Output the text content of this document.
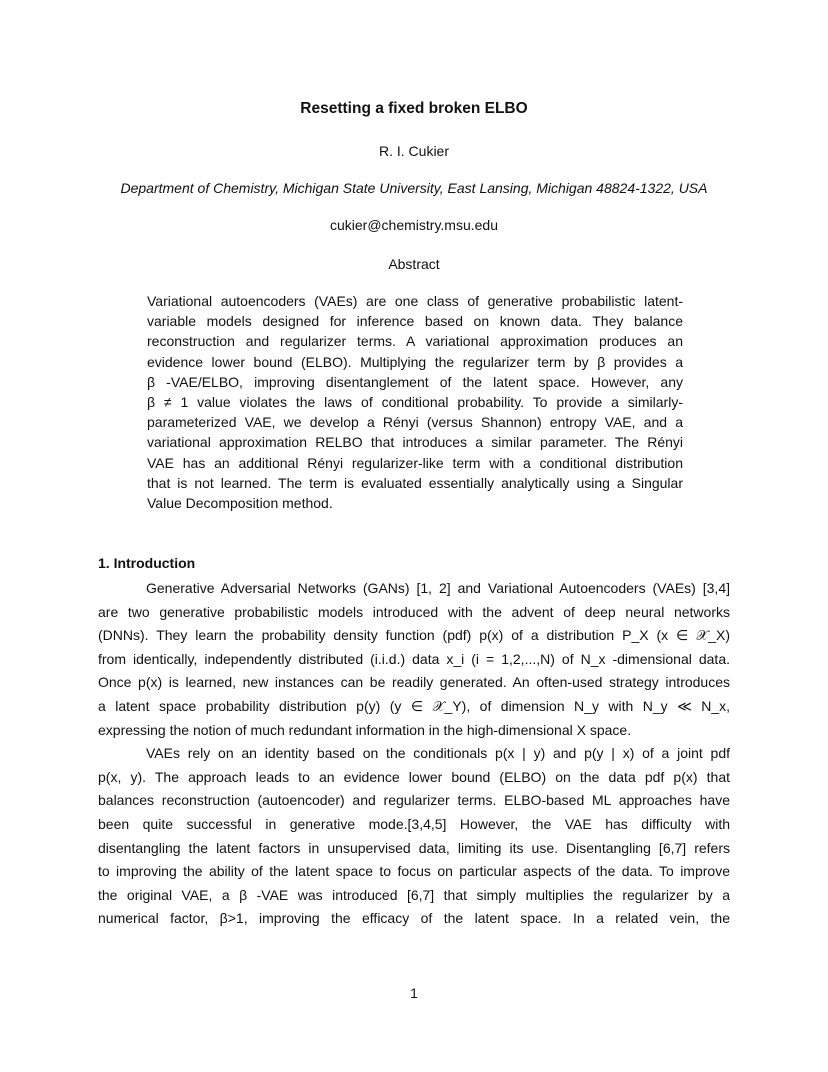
Resetting a fixed broken ELBO
R. I. Cukier
Department of Chemistry, Michigan State University, East Lansing, Michigan 48824-1322, USA
cukier@chemistry.msu.edu
Abstract
Variational autoencoders (VAEs) are one class of generative probabilistic latent-
variable models designed for inference based on known data. They balance
reconstruction and regularizer terms. A variational approximation produces an
evidence lower bound (ELBO). Multiplying the regularizer term by β provides a
β -VAE/ELBO, improving disentanglement of the latent space. However, any
β ≠ 1 value violates the laws of conditional probability. To provide a similarly-
parameterized VAE, we develop a Rényi (versus Shannon) entropy VAE, and a
variational approximation RELBO that introduces a similar parameter. The Rényi
VAE has an additional Rényi regularizer-like term with a conditional distribution
that is not learned. The term is evaluated essentially analytically using a Singular
Value Decomposition method.
1. Introduction
Generative Adversarial Networks (GANs) [1, 2] and Variational Autoencoders (VAEs) [3,4]
are two generative probabilistic models introduced with the advent of deep neural networks
(DNNs). They learn the probability density function (pdf) p(x) of a distribution P_X (x ∈ 𝒳_X)
from identically, independently distributed (i.i.d.) data x_i (i = 1,2,...,N) of N_x -dimensional data.
Once p(x) is learned, new instances can be readily generated. An often-used strategy introduces
a latent space probability distribution p(y) (y ∈ 𝒳_Y), of dimension N_y with N_y ≪ N_x,
expressing the notion of much redundant information in the high-dimensional X space.
VAEs rely on an identity based on the conditionals p(x | y) and p(y | x) of a joint pdf
p(x, y). The approach leads to an evidence lower bound (ELBO) on the data pdf p(x) that
balances reconstruction (autoencoder) and regularizer terms. ELBO-based ML approaches have
been quite successful in generative mode.[3,4,5] However, the VAE has difficulty with
disentangling the latent factors in unsupervised data, limiting its use. Disentangling [6,7] refers
to improving the ability of the latent space to focus on particular aspects of the data. To improve
the original VAE, a β -VAE was introduced [6,7] that simply multiplies the regularizer by a
numerical factor, β>1, improving the efficacy of the latent space. In a related vein, the
1
